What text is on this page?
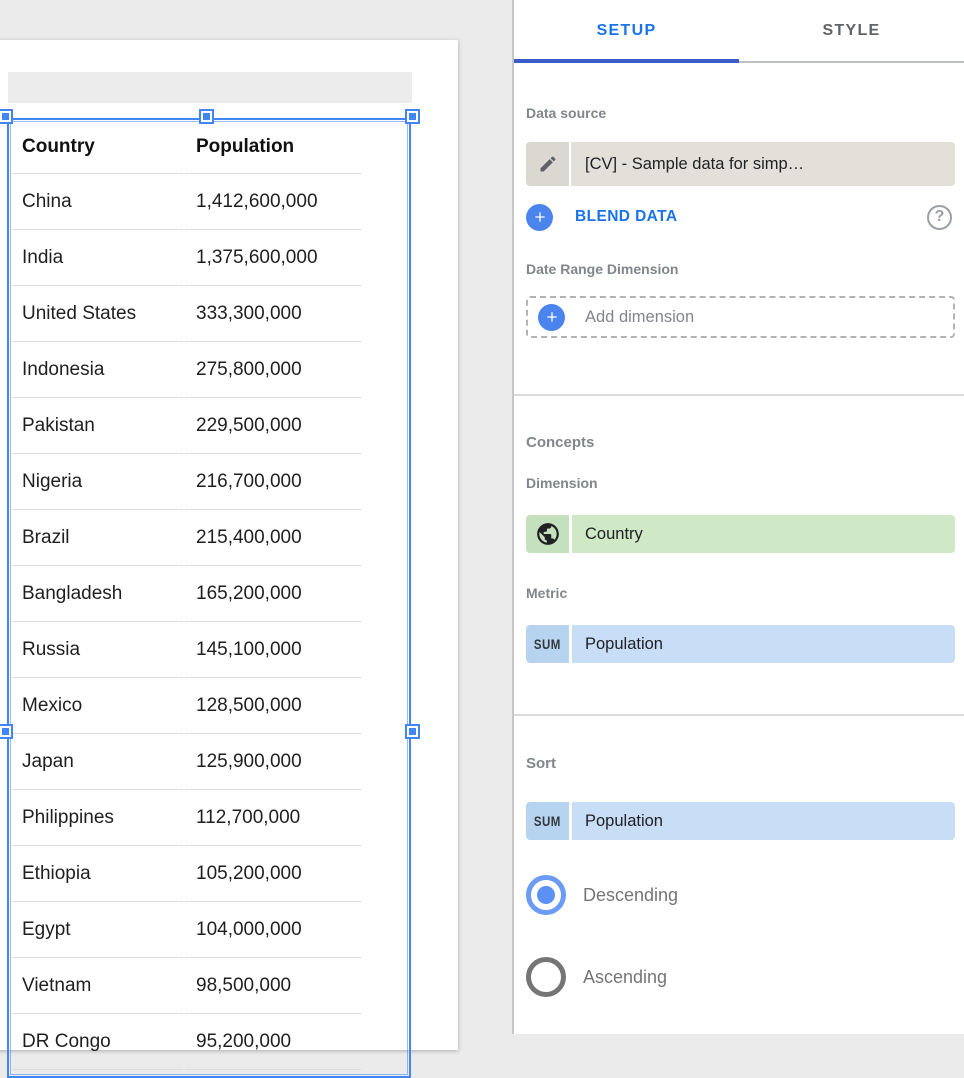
Country	Population
China	1,412,600,000
India	1,375,600,000
United States	333,300,000
Indonesia	275,800,000
Pakistan	229,500,000
Nigeria	216,700,000
Brazil	215,400,000
Bangladesh	165,200,000
Russia	145,100,000
Mexico	128,500,000
Japan	125,900,000
Philippines	112,700,000
Ethiopia	105,200,000
Egypt	104,000,000
Vietnam	98,500,000
DR Congo	95,200,000
SETUP	STYLE
Data source
[CV] - Sample data for simp…
BLEND DATA	?
Date Range Dimension
Add dimension
Concepts
Dimension
Country
Metric
SUM	Population
Sort
SUM	Population
Descending
Ascending
